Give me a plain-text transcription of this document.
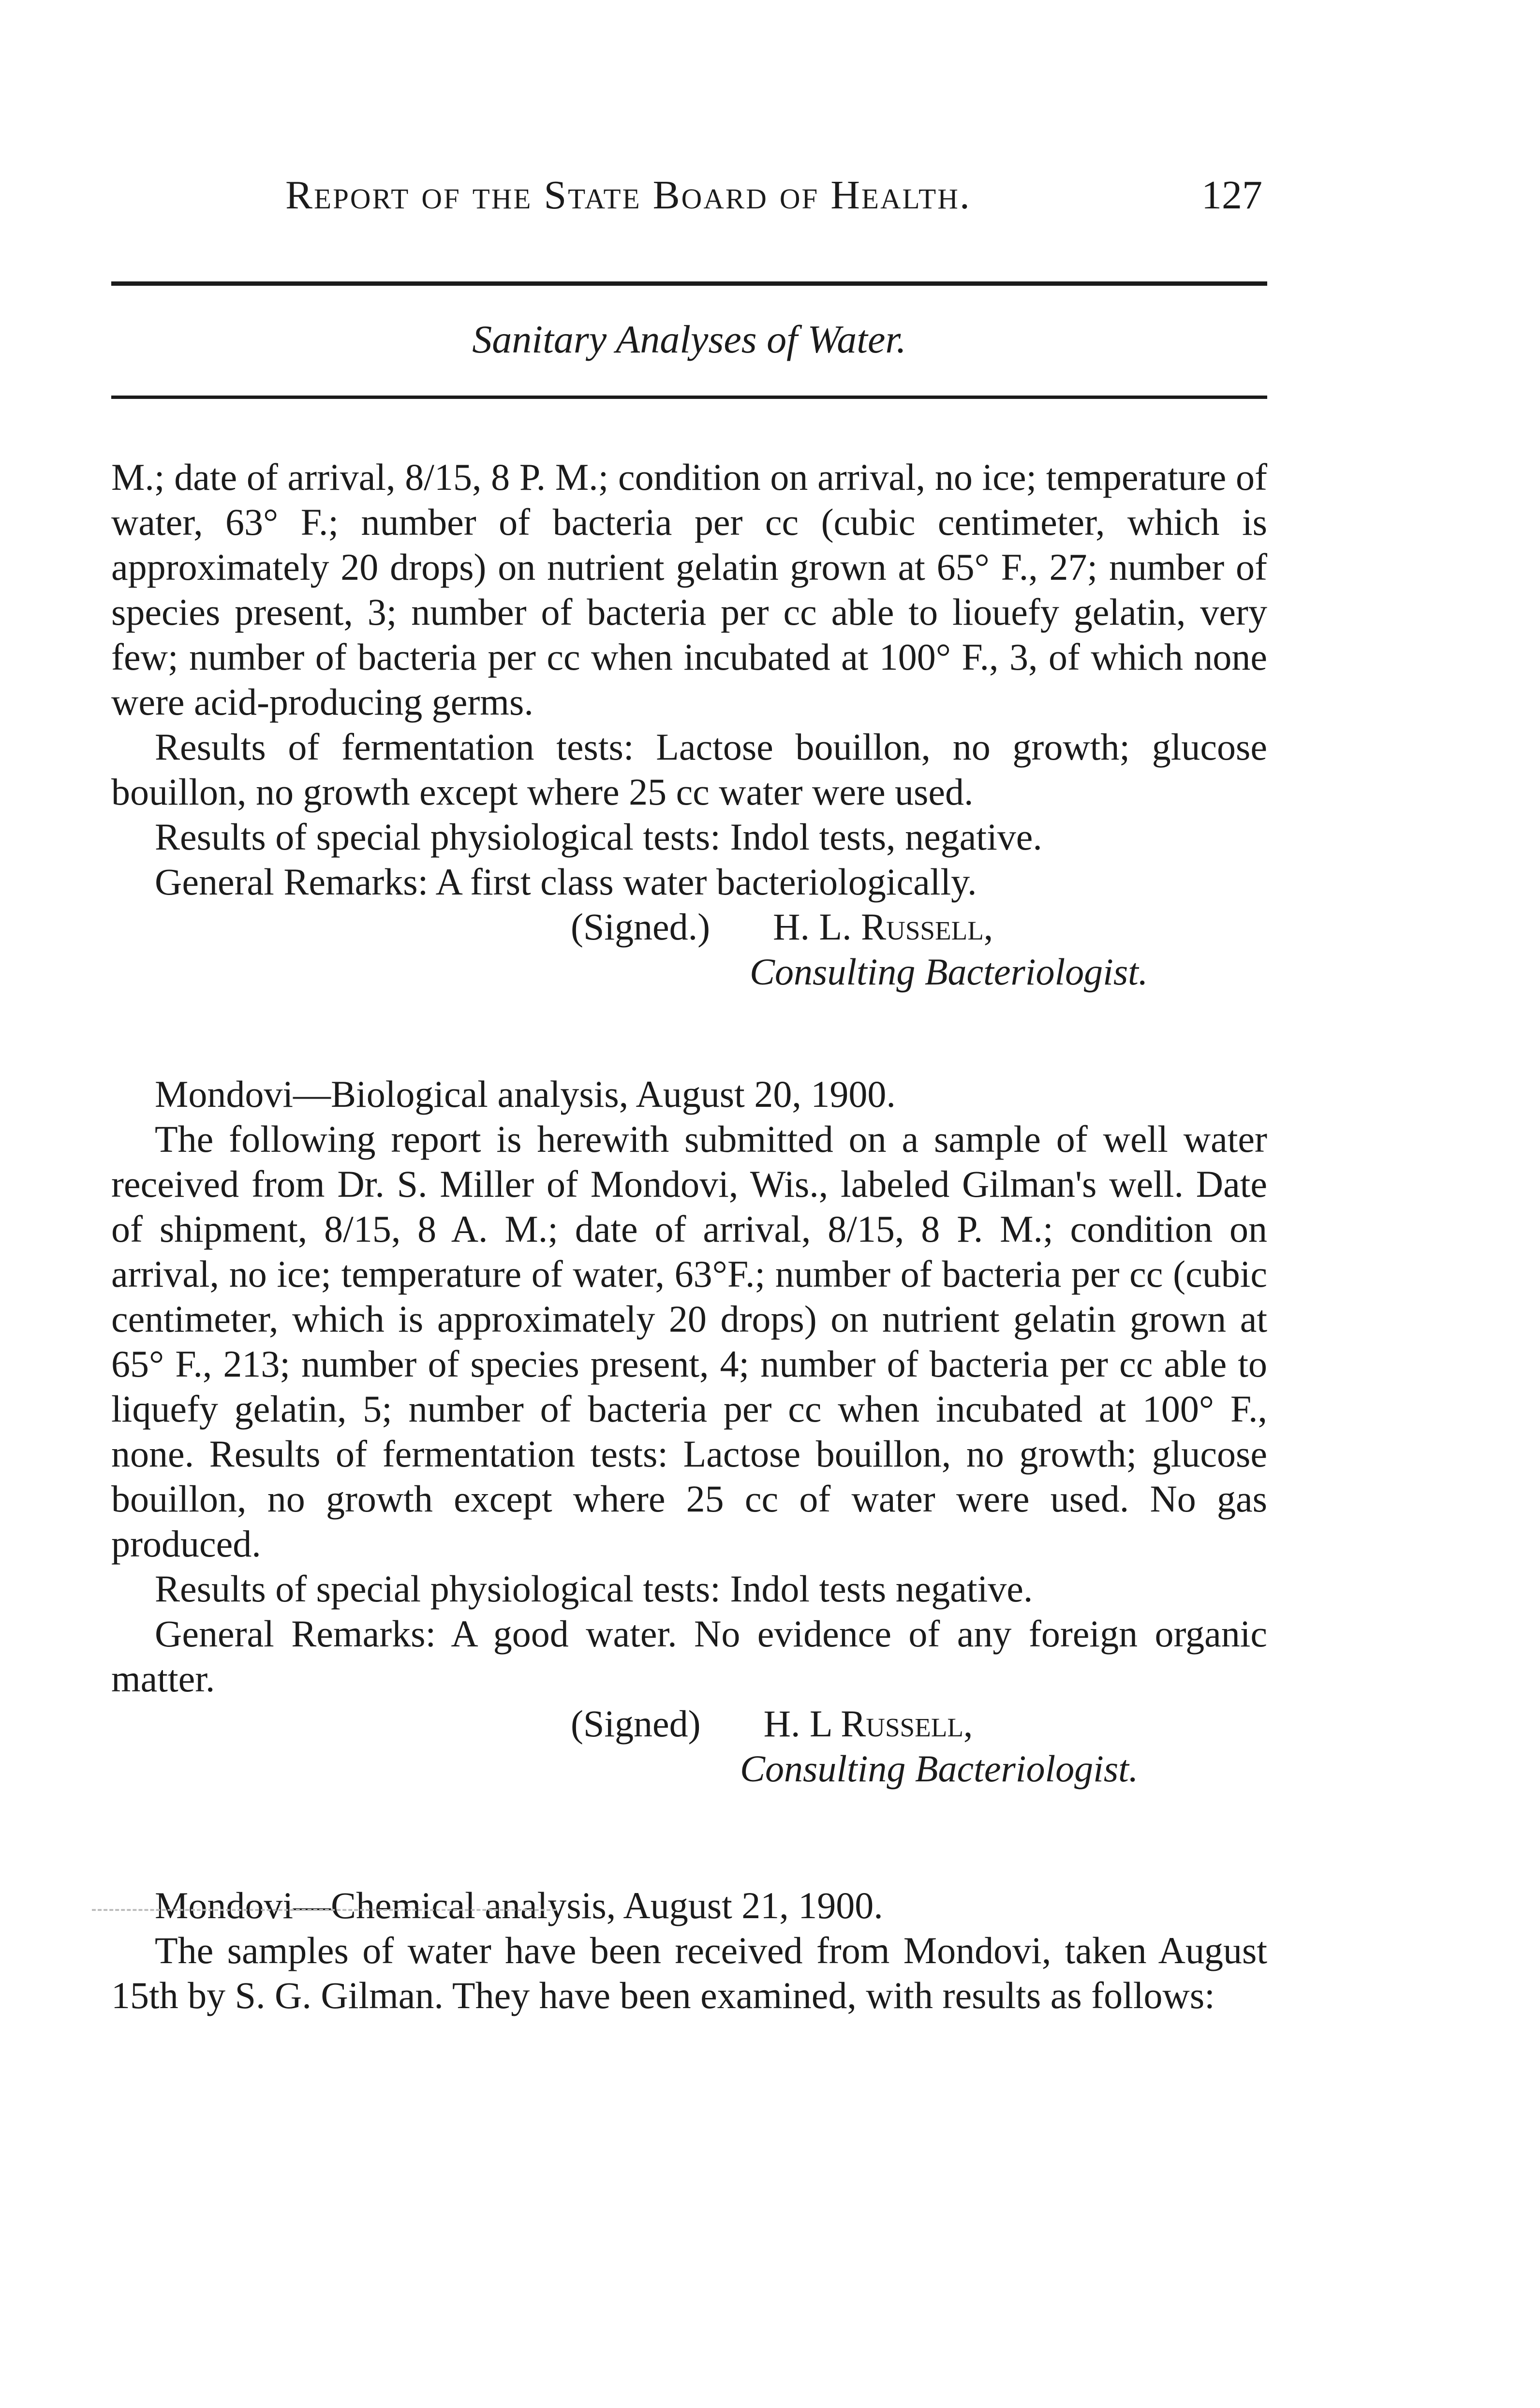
Report of the State Board of Health.	127
Sanitary Analyses of Water.

M.; date of arrival, 8/15, 8 P. M.; condition on arrival, no ice; temperature of water, 63° F.; number of bacteria per cc (cubic centimeter, which is approximately 20 drops) on nutrient gelatin grown at 65° F., 27; number of species present, 3; number of bacteria per cc able to liouefy gelatin, very few; number of bacteria per cc when incubated at 100° F., 3, of which none were acid-producing germs.

Results of fermentation tests: Lactose bouillon, no growth; glucose bouillon, no growth except where 25 cc water were used.

Results of special physiological tests: Indol tests, negative.

General Remarks: A first class water bacteriologically.

(Signed.) H. L. Russell,

Consulting Bacteriologist.

Mondovi—Biological analysis, August 20, 1900.

The following report is herewith submitted on a sample of well water received from Dr. S. Miller of Mondovi, Wis., labeled Gilman's well. Date of shipment, 8/15, 8 A. M.; date of arrival, 8/15, 8 P. M.; condition on arrival, no ice; temperature of water, 63°F.; number of bacteria per cc (cubic centimeter, which is approximately 20 drops) on nutrient gelatin grown at 65° F., 213; number of species present, 4; number of bacteria per cc able to liquefy gelatin, 5; number of bacteria per cc when incubated at 100° F., none. Results of fermentation tests: Lactose bouillon, no growth; glucose bouillon, no growth except where 25 cc of water were used. No gas produced.

Results of special physiological tests: Indol tests negative.

General Remarks: A good water. No evidence of any foreign organic matter.

(Signed) H. L Russell,

Consulting Bacteriologist.

Mondovi—Chemical analysis, August 21, 1900.

The samples of water have been received from Mondovi, taken August 15th by S. G. Gilman. They have been examined, with results as follows:
